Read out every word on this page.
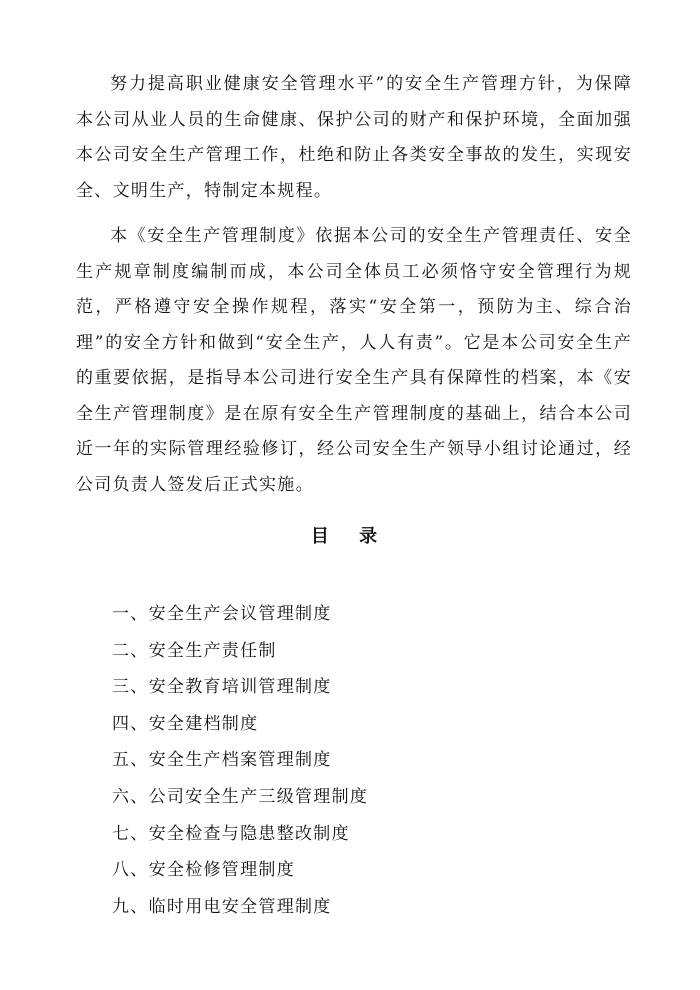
努力提高职业健康安全管理水平”的安全生产管理方针，为保障本公司从业人员的生命健康、保护公司的财产和保护环境，全面加强本公司安全生产管理工作，杜绝和防止各类安全事故的发生，实现安全、文明生产，特制定本规程。

本《安全生产管理制度》依据本公司的安全生产管理责任、安全生产规章制度编制而成，本公司全体员工必须恪守安全管理行为规范，严格遵守安全操作规程，落实“安全第一，预防为主、综合治理”的安全方针和做到“安全生产，人人有责”。它是本公司安全生产的重要依据，是指导本公司进行安全生产具有保障性的档案，本《安全生产管理制度》是在原有安全生产管理制度的基础上，结合本公司近一年的实际管理经验修订，经公司安全生产领导小组讨论通过，经公司负责人签发后正式实施。

目 录
一、安全生产会议管理制度
二、安全生产责任制
三、安全教育培训管理制度
四、安全建档制度
五、安全生产档案管理制度
六、公司安全生产三级管理制度
七、安全检查与隐患整改制度
八、安全检修管理制度
九、临时用电安全管理制度
